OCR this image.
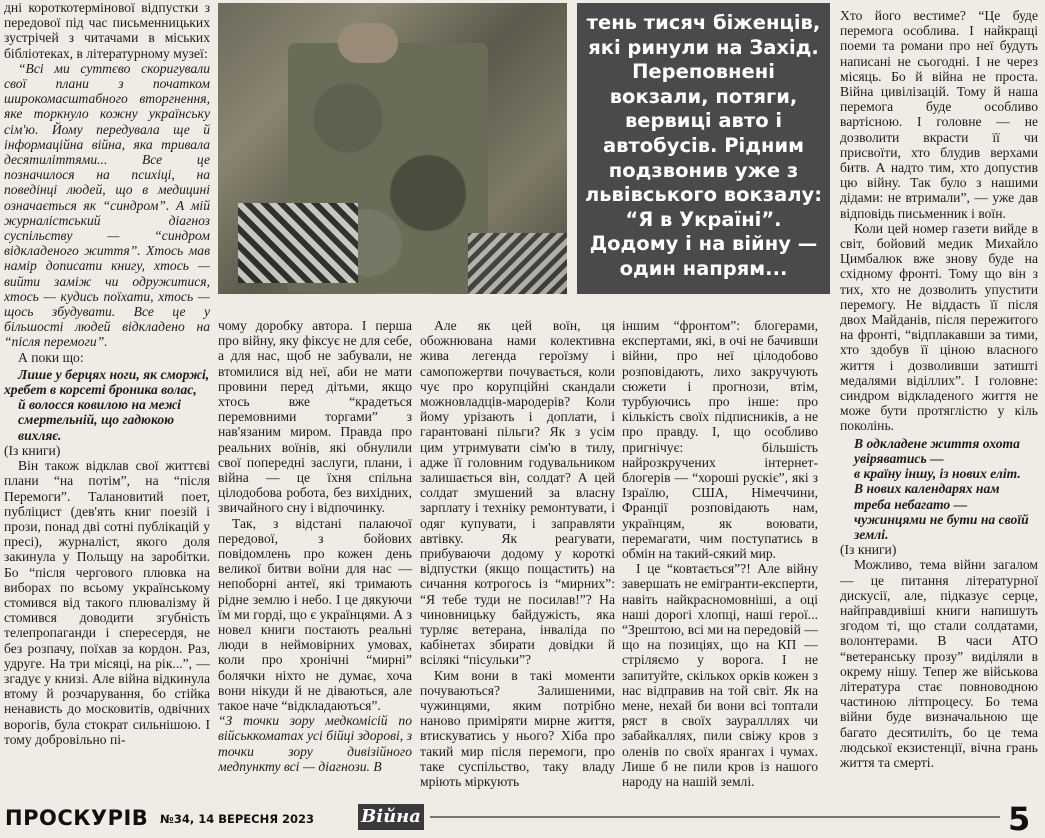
дні короткотермінової відпустки з передової під час письменницьких зустрічей з читачами в міських бібліотеках, в літературному музеї:

“Всі ми суттєво скоригували свої плани з початком широкомасштабного вторгнення, яке торкнуло кожну українську сім'ю. Йому передувала ще й інформаційна війна, яка тривала десятиліттями... Все це позначилося на психіці, на поведінці людей, що в медицині означається як “синдром”. А мій журналістський діагноз суспільству — “синдром відкладеного життя”. Хтось мав намір дописати книгу, хтось — вийти заміж чи одружитися, хтось — кудись поїхати, хтось — щось збудувати. Все це у більшості людей відкладено на “після перемоги”.

А поки що:

Лише у берцях ноги, як сморжі,
хребет в корсеті броника волас,
й волосся ковилою на межі смертельній, що гадюкою вихляє.

(Із книги)

Він також відклав свої життєві плани “на потім”, на “після Перемоги”. Талановитий поет, публіцист (дев'ять книг поезій і прози, понад дві сотні публікацій у пресі), журналіст, якого доля закинула у Польщу на заробітки. Бо “після чергового плювка на виборах по всьому українському стомився від такого плювалізму й стомився доводити згубність телепропаганди і спересердя, не без розпачу, поїхав за кордон. Раз, удруге. На три місяці, на рік...”, — згадує у книзі. Але війна відкинула втому й розчарування, бо стійка ненависть до московитів, одвічних ворогів, була стократ сильнішою. І тому добровільно пі-

тень тисяч біженців, які ринули на Захід. Переповнені вокзали, потяги, вервиці авто і автобусів. Рідним подзвонив уже з львівського вокзалу: “Я в Україні”. Додому і на війну — один напрям...

чому доробку автора. І перша про війну, яку фіксує не для себе, а для нас, щоб не забували, не втомилися від неї, аби не мати провини перед дітьми, якщо хтось вже “крадеться перемовними торгами” з нав'язаним миром. Правда про реальних воїнів, які обнулили свої попередні заслуги, плани, і війна — це їхня спільна цілодобова робота, без вихідних, звичайного сну і відпочинку.

Так, з відстані палаючої передової, з бойових повідомлень про кожен день великої битви воїни для нас — непоборні антеї, які тримають рідне землю і небо. І це дякуючи їм ми горді, що є українцями. А з новел книги постають реальні люди в неймовірних умовах, коли про хронічні “мирні” болячки ніхто не думає, хоча вони нікуди й не діваються, але такое наче “відкладаються”.

“З точки зору медкомісій по військкоматах усі бійці здорові, з точки зору дивізійного медпункту всі — діагнози. В

Але як цей воїн, ця обожнювана нами колективна жива легенда героїзму і самопожертви почувається, коли чує про корупційні скандали можновладців-мародерів? Коли йому урізають і доплати, і гарантовані пільги? Як з усім цим утримувати сім'ю в тилу, адже її головним годувальником залишається він, солдат? А цей солдат змушений за власну зарплату і техніку ремонтувати, і одяг купувати, і заправляти автівку. Як реагувати, прибуваючи додому у короткі відпустки (якщо пощастить) на сичання котрогось із “мирних”: “Я тебе туди не посилав!”? На чиновницьку байдужість, яка турляє ветерана, інваліда по кабінетах збирати довідки й всілякі “пісульки”?

Ким вони в такі моменти почуваються? Залишеними, чужинцями, яким потрібно наново приміряти мирне життя, втискуватись у нього? Хіба про такий мир після перемоги, про таке суспільство, таку владу мріють міркують

іншим “фронтом”: блогерами, експертами, які, в очі не бачивши війни, про неї цілодобово розповідають, лихо закручують сюжети і прогнози, втім, турбуючись про інше: про кількість своїх підписників, а не про правду. І, що особливо пригнічує: більшість найрозкручених інтернет-блогерів — “хороші рускіє”, які з Ізраїлю, США, Німеччини, Франції розповідають нам, українцям, як воювати, перемагати, чим поступатись в обмін на такий-сякий мир.

І це “ковтається”?! Але війну завершать не емігранти-експерти, навіть найкрасномовніші, а оці наші дорогі хлопці, наші герої... “Зрештою, всі ми на передовій — що на позиціях, що на КП — стріляємо у ворога. І не запитуйте, скількох орків кожен з нас відправив на той світ. Як на мене, нехай би вони всі топтали ряст в своїх зауралллях чи забайкаллях, пили свіжу кров з оленів по своїх ярангах і чумах. Лише б не пили кров із нашого народу на нашій землі.

Хто його вестиме? “Це буде перемога особлива. І найкращі поеми та романи про неї будуть написані не сьогодні. І не через місяць. Бо й війна не проста. Війна цивілізацій. Тому й наша перемога буде особливо вартісною. І головне — не дозволити вкрасти її чи присвоїти, хто блудив верхами битв. А надто тим, хто допустив цю війну. Так було з нашими дідами: не втримали”, — уже дав відповідь письменник і воїн.

Коли цей номер газети вийде в світ, бойовий медик Михайло Цимбалюк вже знову буде на східному фронті. Тому що він з тих, хто не дозволить упустити перемогу. Не віддасть її після двох Майданів, після пережитого на фронті, “відплакавши за тими, хто здобув її ціною власного життя і дозволивши затишті медалями віділлих”. І головне: синдром відкладеного життя не може бути протяглістю у кіль поколінь.

В одкладене життя охота увіряватись —
в країну іншу, із нових еліт.
В нових календарях нам треба небагато —
чужинцями не бути на своїй землі.

(Із книги)

Можливо, тема війни загалом — це питання літературної дискусії, але, підказує серце, найправдивіші книги напишуть згодом ті, що стали солдатами, волонтерами. В часи АТО “ветеранську прозу” виділяли в окрему нішу. Тепер же військова література стає повноводною частиною літпроцесу. Бо тема війни буде визначальною ще багато десятиліть, бо це тема людської екзистенції, вічна грань життя та смерті.

ПРОСКУРІВ №34, 14 ВЕРЕСНЯ 2023	Війна	5
